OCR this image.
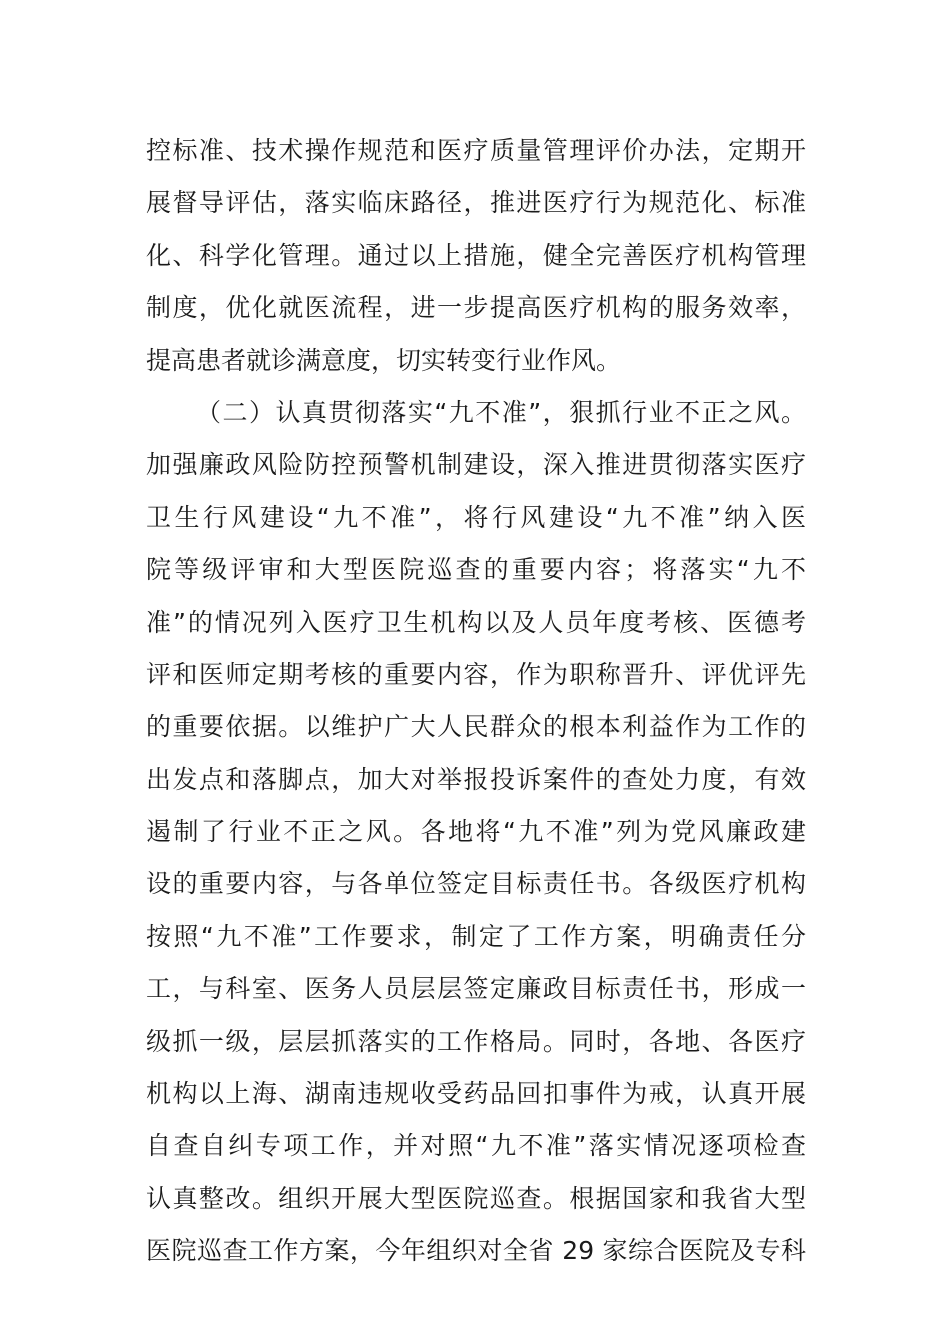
控标准、技术操作规范和医疗质量管理评价办法，定期开
展督导评估，落实临床路径，推进医疗行为规范化、标准
化、科学化管理。通过以上措施，健全完善医疗机构管理
制度，优化就医流程，进一步提高医疗机构的服务效率，
提高患者就诊满意度，切实转变行业作风。
（二）认真贯彻落实“九不准”，狠抓行业不正之风。
加强廉政风险防控预警机制建设，深入推进贯彻落实医疗
卫生行风建设“九不准”，将行风建设“九不准”纳入医
院等级评审和大型医院巡查的重要内容；将落实“九不
准”的情况列入医疗卫生机构以及人员年度考核、医德考
评和医师定期考核的重要内容，作为职称晋升、评优评先
的重要依据。以维护广大人民群众的根本利益作为工作的
出发点和落脚点，加大对举报投诉案件的查处力度，有效
遏制了行业不正之风。各地将“九不准”列为党风廉政建
设的重要内容，与各单位签定目标责任书。各级医疗机构
按照“九不准”工作要求，制定了工作方案，明确责任分
工，与科室、医务人员层层签定廉政目标责任书，形成一
级抓一级，层层抓落实的工作格局。同时，各地、各医疗
机构以上海、湖南违规收受药品回扣事件为戒，认真开展
自查自纠专项工作，并对照“九不准”落实情况逐项检查
认真整改。组织开展大型医院巡查。根据国家和我省大型
医院巡查工作方案，今年组织对全省 29 家综合医院及专科
